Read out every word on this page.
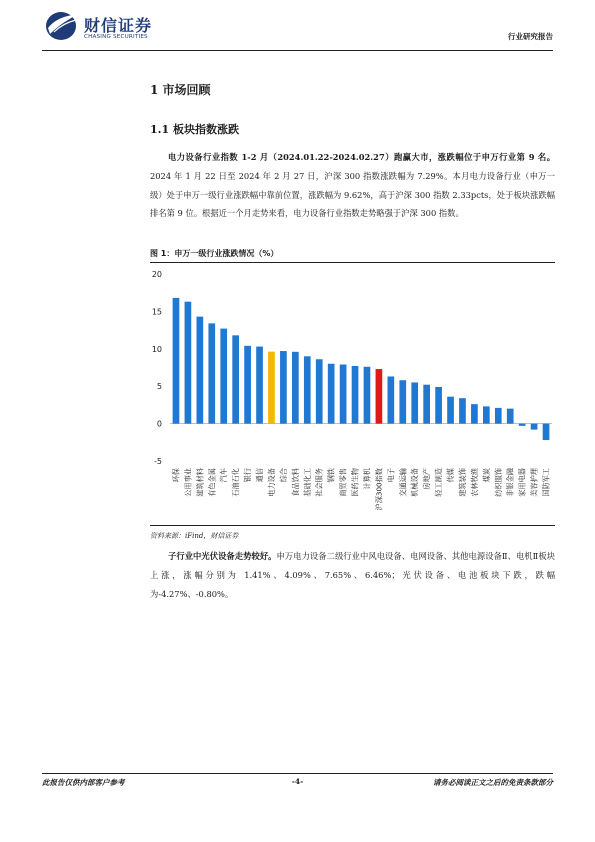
财信证券
CHASING SECURITIES	行业研究报告
1 市场回顾
1.1 板块指数涨跌
电力设备行业指数 1-2 月（2024.01.22-2024.02.27）跑赢大市，涨跌幅位于申万行业第 9 名。2024 年 1 月 22 日至 2024 年 2 月 27 日，沪深 300 指数涨跌幅为 7.29%。本月电力设备行业（申万一级）处于申万一级行业涨跌幅中靠前位置，涨跌幅为 9.62%，高于沪深 300 指数 2.33pcts，处于板块涨跌幅排名第 9 位。根据近一个月走势来看，电力设备行业指数走势略强于沪深 300 指数。
图 1：申万一级行业涨跌情况（%）
-5
0
5
10
15
20
环保 公用事业 建筑材料 有色金属 汽车 石油石化 银行 通信 电力设备 综合 食品饮料 基础化工 社会服务 钢铁 商贸零售 医药生物 计算机 沪深300指数 电子 交通运输 机械设备 房地产 轻工制造 传媒 建筑装饰 农林牧渔 煤炭 纺织服饰 非银金融 家用电器 美容护理 国防军工
资料来源：iFind，财信证券
子行业中光伏设备走势较好。申万电力设备二级行业中风电设备、电网设备、其他电源设备Ⅱ、电机Ⅱ板块上涨，涨幅分别为 1.41%、4.09%、7.65%、6.46%；光伏设备、电池板块下跌，跌幅为-4.27%、-0.80%。
此报告仅供内部客户参考	-4-	请务必阅读正文之后的免责条款部分
